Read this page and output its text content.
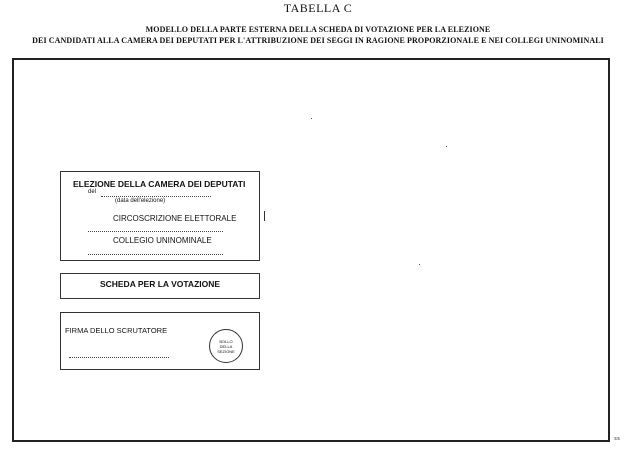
TABELLA C
MODELLO DELLA PARTE ESTERNA DELLA SCHEDA DI VOTAZIONE PER LA ELEZIONE
DEI CANDIDATI ALLA CAMERA DEI DEPUTATI PER L'ATTRIBUZIONE DEI SEGGI IN RAGIONE PROPORZIONALE E NEI COLLEGI UNINOMINALI
ss
ELEZIONE DELLA CAMERA DEI DEPUTATI
del
(data dell'elezione)
CIRCOSCRIZIONE ELETTORALE
COLLEGIO UNINOMINALE
SCHEDA PER LA VOTAZIONE
FIRMA DELLO SCRUTATORE
BOLLO
DELLA
SEZIONE
